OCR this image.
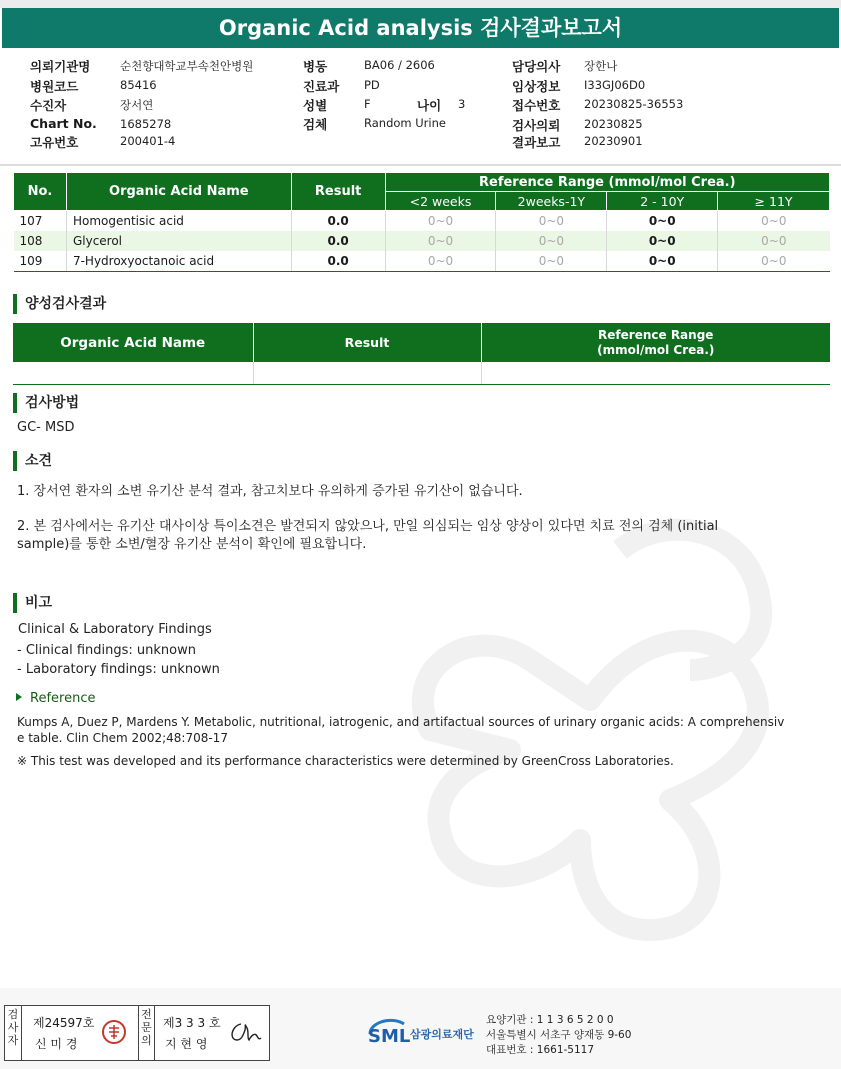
Organic Acid analysis 검사결과보고서
의뢰기관명	순천향대학교부속천안병원
병원코드	85416
수진자	장서연
Chart No. 1685278
고유번호	200401-4
병동	BA06 / 2606
진료과 PD
성별	F	나이 3
검체	Random Urine
담당의사 장한나
임상정보 I33GJ06D0
접수번호 20230825-36553
검사의뢰 20230825
결과보고 20230901
No.	Organic Acid Name	Result	Reference Range (mmol/mol Crea.)			
			<2 weeks	2weeks-1Y	2 - 10Y	≥ 11Y
107	Homogentisic acid	0.0	0~0	0~0	0~0	0~0
108	Glycerol	0.0	0~0	0~0	0~0	0~0
109	7-Hydroxyoctanoic acid	0.0	0~0	0~0	0~0	0~0
양성검사결과
Organic Acid Name	Result	Reference Range
(mmol/mol Crea.)

검사방법
GC- MSD
소견
1. 장서연 환자의 소변 유기산 분석 결과, 참고치보다 유의하게 증가된 유기산이 없습니다.
2. 본 검사에서는 유기산 대사이상 특이소견은 발견되지 않았으나, 만일 의심되는 임상 양상이 있다면 치료 전의 검체 (initial
sample)를 통한 소변/혈장 유기산 분석이 확인에 필요합니다.
비고
Clinical & Laboratory Findings
- Clinical findings: unknown
- Laboratory findings: unknown
Reference
Kumps A, Duez P, Mardens Y. Metabolic, nutritional, iatrogenic, and artifactual sources of urinary organic acids: A comprehensiv
e table. Clin Chem 2002;48:708-17
※ This test was developed and its performance characteristics were determined by GreenCross Laboratories.
검사자
제24597호
신 미 경
전문의
제3 3 3 호
지 현 영	SML 삼광의료재단
요양기관 : 1 1 3 6 5 2 0 0
서울특별시 서초구 양재동 9-60
대표번호 : 1661-5117
